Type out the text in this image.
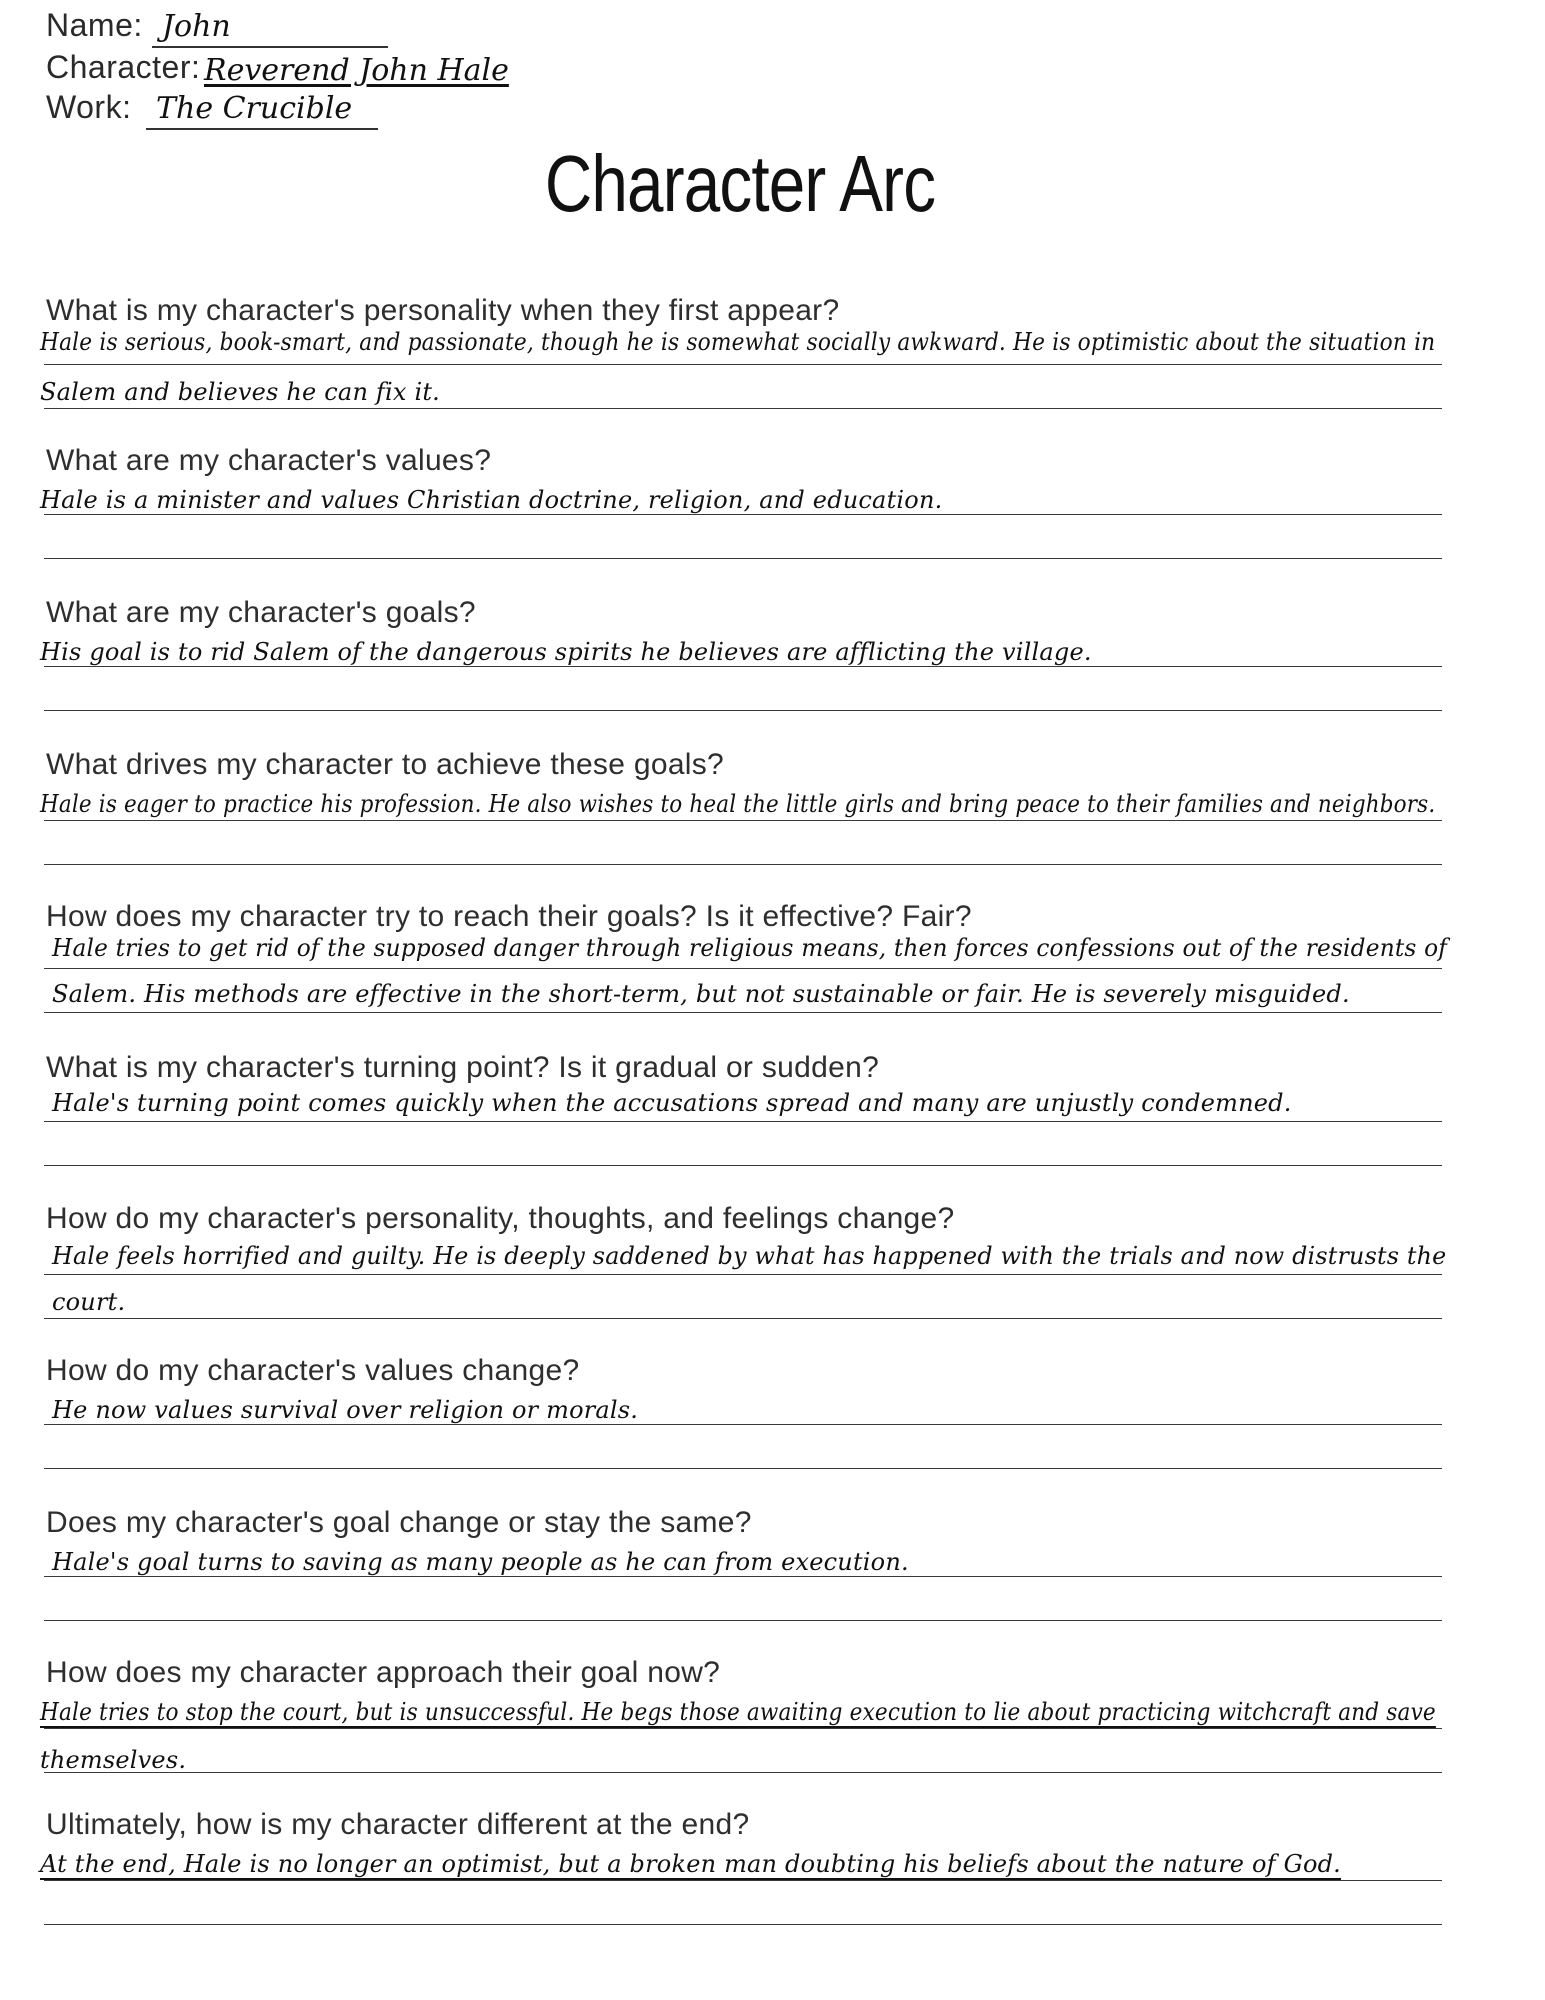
Name: John
Character: Reverend John Hale
Work: The Crucible
Character Arc
What is my character's personality when they first appear?
Hale is serious, book-smart, and passionate, though he is somewhat socially awkward. He is optimistic about the situation in
Salem and believes he can fix it.
What are my character's values?
Hale is a minister and values Christian doctrine, religion, and education.
What are my character's goals?
His goal is to rid Salem of the dangerous spirits he believes are afflicting the village.
What drives my character to achieve these goals?
Hale is eager to practice his profession. He also wishes to heal the little girls and bring peace to their families and neighbors.
How does my character try to reach their goals? Is it effective? Fair?
Hale tries to get rid of the supposed danger through religious means, then forces confessions out of the residents of
Salem. His methods are effective in the short-term, but not sustainable or fair. He is severely misguided.
What is my character's turning point? Is it gradual or sudden?
Hale's turning point comes quickly when the accusations spread and many are unjustly condemned.
How do my character's personality, thoughts, and feelings change?
Hale feels horrified and guilty. He is deeply saddened by what has happened with the trials and now distrusts the
court.
How do my character's values change?
He now values survival over religion or morals.
Does my character's goal change or stay the same?
Hale's goal turns to saving as many people as he can from execution.
How does my character approach their goal now?
Hale tries to stop the court, but is unsuccessful. He begs those awaiting execution to lie about practicing witchcraft and save
themselves.
Ultimately, how is my character different at the end?
At the end, Hale is no longer an optimist, but a broken man doubting his beliefs about the nature of God.
